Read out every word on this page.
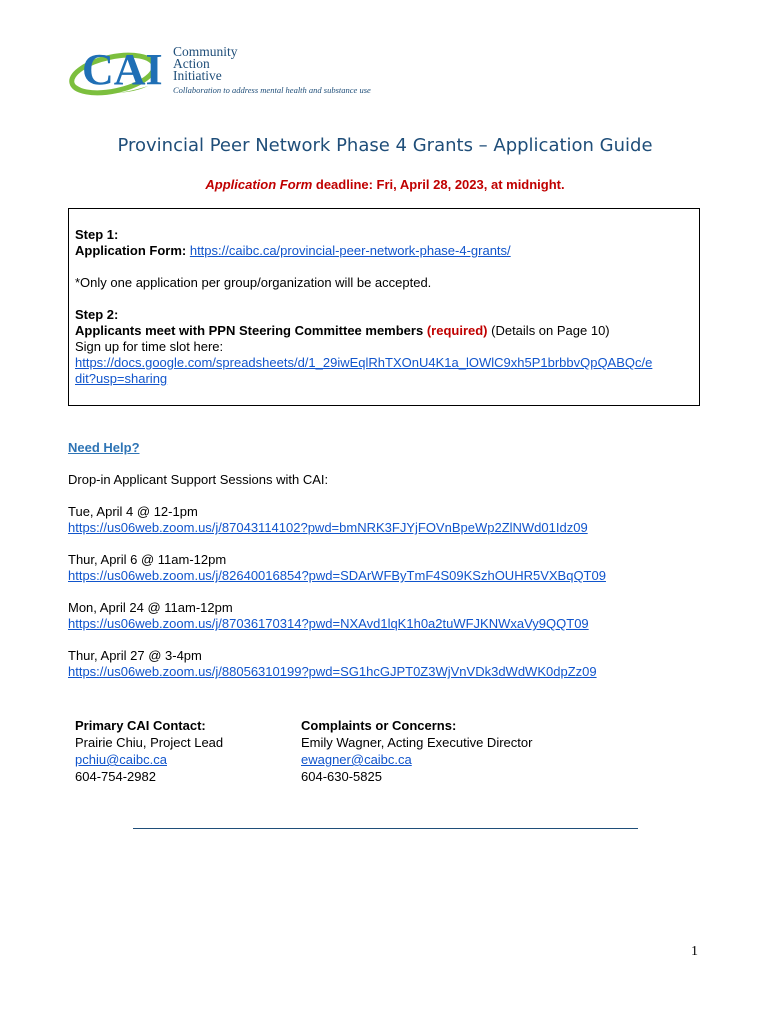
CAI Community
Action
Initiative
Collaboration to address mental health and substance use
Provincial Peer Network Phase 4 Grants – Application Guide
Application Form deadline: Fri, April 28, 2023, at midnight.

Step 1:

Application Form: https://caibc.ca/provincial-peer-network-phase-4-grants/

*Only one application per group/organization will be accepted.

Step 2:

Applicants meet with PPN Steering Committee members (required) (Details on Page 10)

Sign up for time slot here:

https://docs.google.com/spreadsheets/d/1_29iwEqlRhTXOnU4K1a_lOWlC9xh5P1brbbvQpQABQc/e
dit?usp=sharing

Need Help?

Drop-in Applicant Support Sessions with CAI:

Tue, April 4 @ 12-1pm

https://us06web.zoom.us/j/87043114102?pwd=bmNRK3FJYjFOVnBpeWp2ZlNWd01Idz09

Thur, April 6 @ 11am-12pm

https://us06web.zoom.us/j/82640016854?pwd=SDArWFByTmF4S09KSzhOUHR5VXBqQT09

Mon, April 24 @ 11am-12pm

https://us06web.zoom.us/j/87036170314?pwd=NXAvd1lqK1h0a2tuWFJKNWxaVy9QQT09

Thur, April 27 @ 3-4pm

https://us06web.zoom.us/j/88056310199?pwd=SG1hcGJPT0Z3WjVnVDk3dWdWK0dpZz09

Primary CAI Contact:

Prairie Chiu, Project Lead

pchiu@caibc.ca

604-754-2982

Complaints or Concerns:

Emily Wagner, Acting Executive Director

ewagner@caibc.ca

604-630-5825

1
